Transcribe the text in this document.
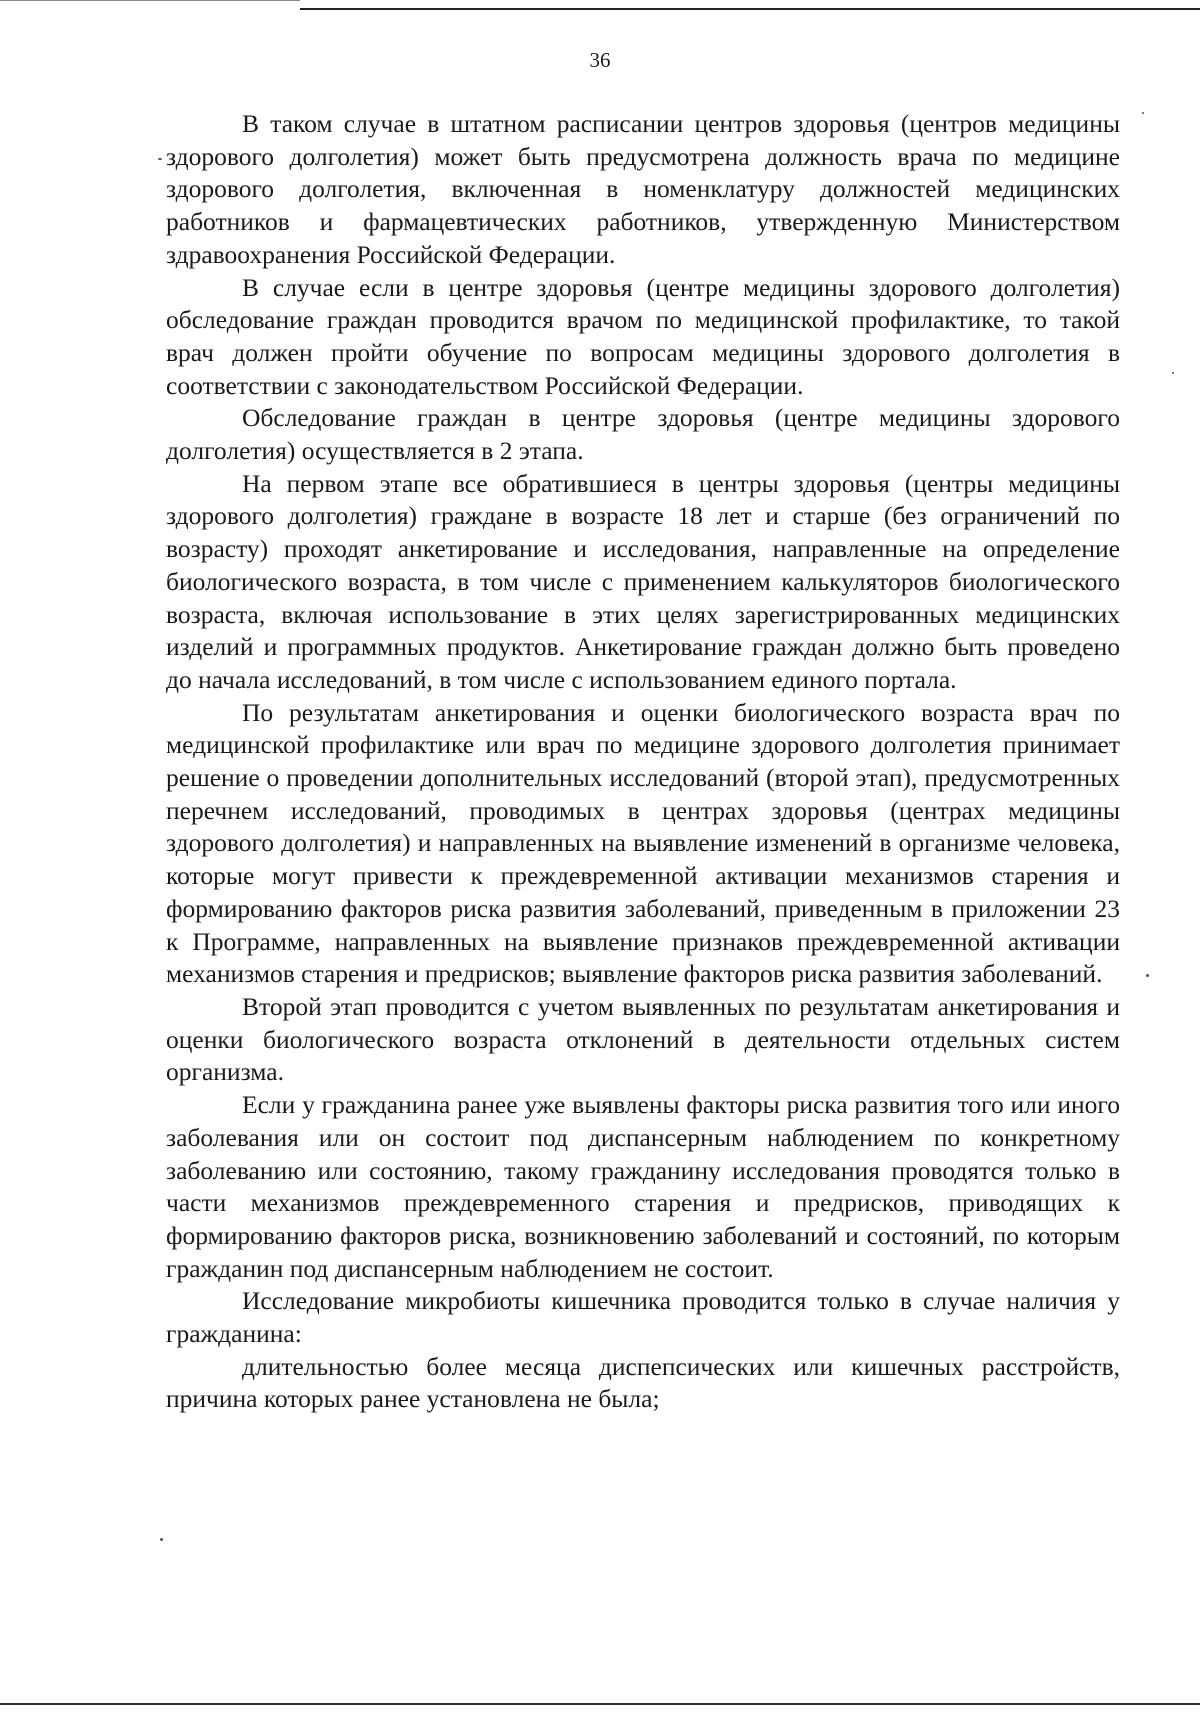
36

В таком случае в штатном расписании центров здоровья (центров медицины здорового долголетия) может быть предусмотрена должность врача по медицине здорового долголетия, включенная в номенклатуру должностей медицинских работников и фармацевтических работников, утвержденную Министерством здравоохранения Российской Федерации.

В случае если в центре здоровья (центре медицины здорового долголетия) обследование граждан проводится врачом по медицинской профилактике, то такой врач должен пройти обучение по вопросам медицины здорового долголетия в соответствии с законодательством Российской Федерации.

Обследование граждан в центре здоровья (центре медицины здорового долголетия) осуществляется в 2 этапа.

На первом этапе все обратившиеся в центры здоровья (центры медицины здорового долголетия) граждане в возрасте 18 лет и старше (без ограничений по возрасту) проходят анкетирование и исследования, направленные на определение биологического возраста, в том числе с применением калькуляторов биологического возраста, включая использование в этих целях зарегистрированных медицинских изделий и программных продуктов. Анкетирование граждан должно быть проведено до начала исследований, в том числе с использованием единого портала.

По результатам анкетирования и оценки биологического возраста врач по медицинской профилактике или врач по медицине здорового долголетия принимает решение о проведении дополнительных исследований (второй этап), предусмотренных перечнем исследований, проводимых в центрах здоровья (центрах медицины здорового долголетия) и направленных на выявление изменений в организме человека, которые могут привести к преждевременной активации механизмов старения и формированию факторов риска развития заболеваний, приведенным в приложении 23 к Программе, направленных на выявление признаков преждевременной активации механизмов старения и предрисков; выявление факторов риска развития заболеваний.

Второй этап проводится с учетом выявленных по результатам анкетирования и оценки биологического возраста отклонений в деятельности отдельных систем организма.

Если у гражданина ранее уже выявлены факторы риска развития того или иного заболевания или он состоит под диспансерным наблюдением по конкретному заболеванию или состоянию, такому гражданину исследования проводятся только в части механизмов преждевременного старения и предрисков, приводящих к формированию факторов риска, возникновению заболеваний и состояний, по которым гражданин под диспансерным наблюдением не состоит.

Исследование микробиоты кишечника проводится только в случае наличия у гражданина:

длительностью более месяца диспепсических или кишечных расстройств, причина которых ранее установлена не была;
